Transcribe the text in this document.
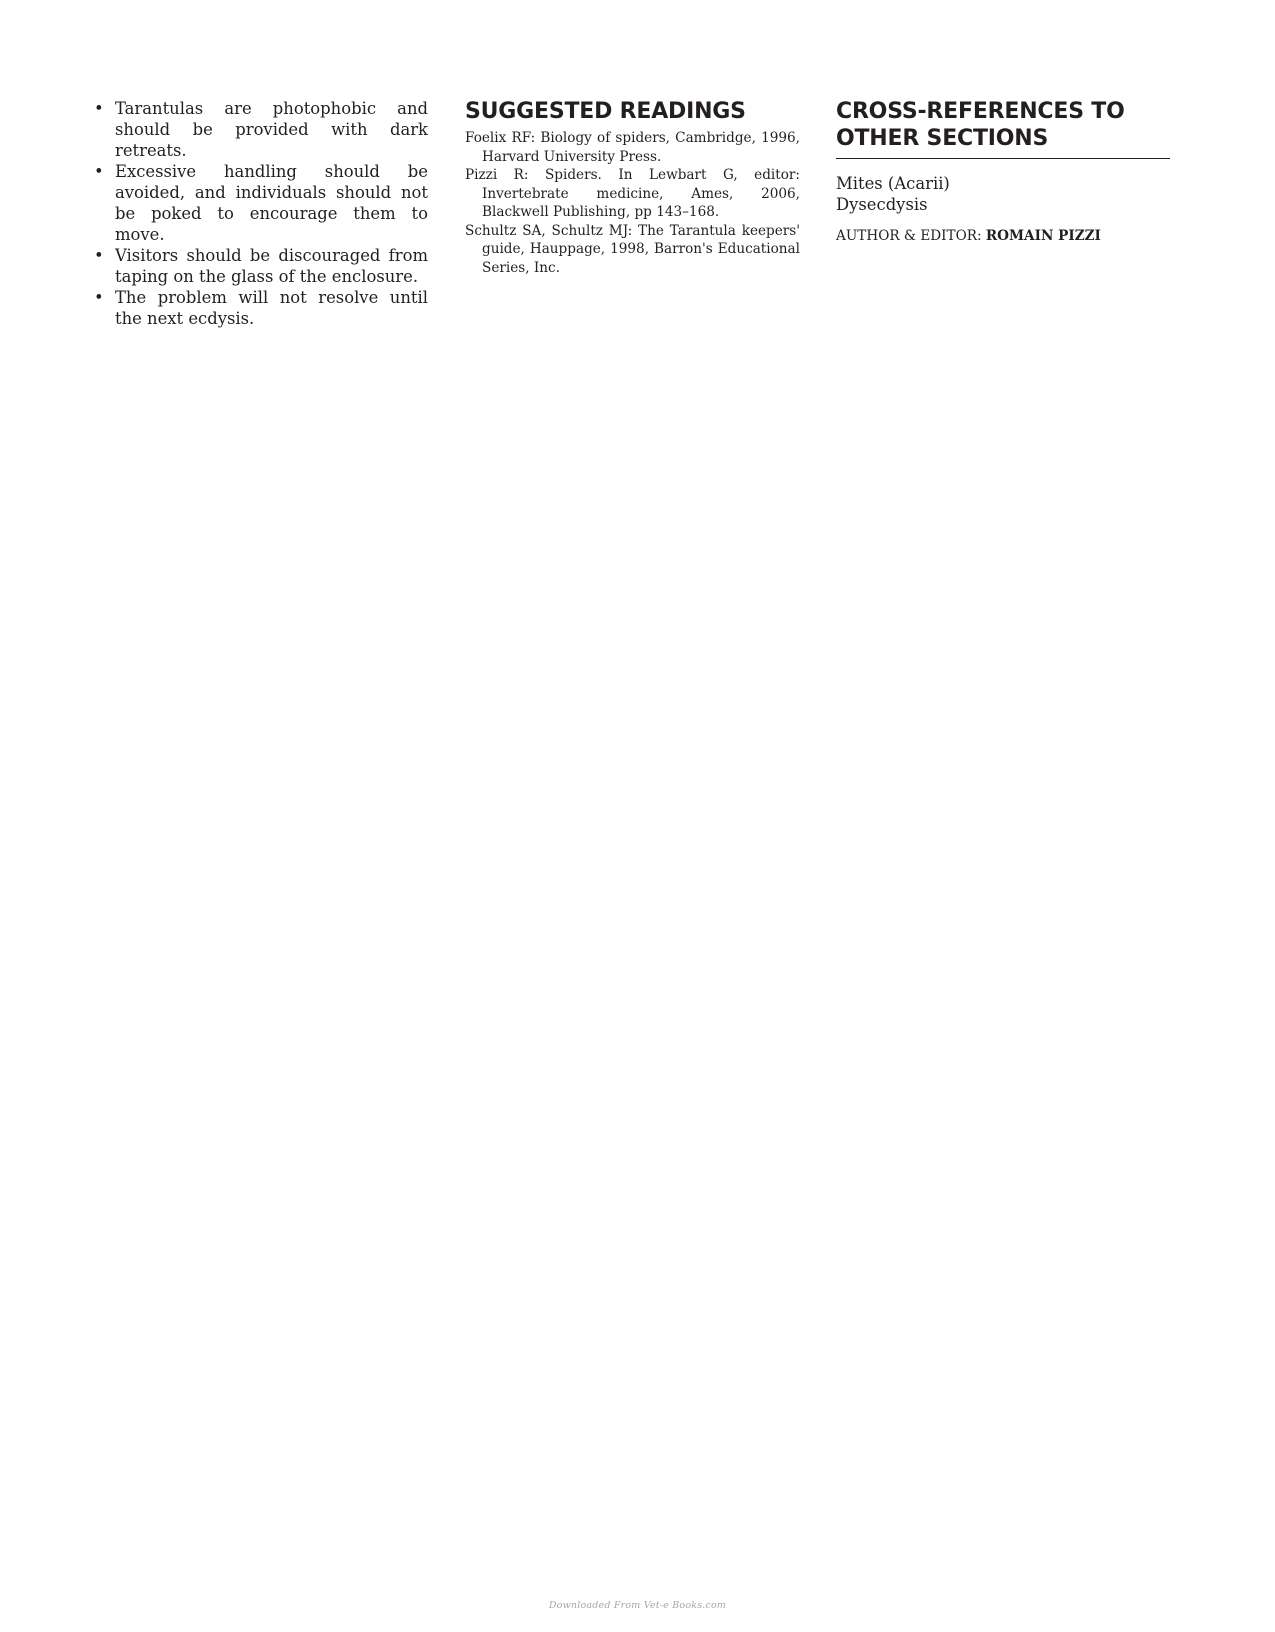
• Tarantulas are photophobic and should be provided with dark retreats.
• Excessive handling should be avoided, and individuals should not be poked to encourage them to move.
• Visitors should be discouraged from taping on the glass of the enclosure.
• The problem will not resolve until the next ecdysis.
SUGGESTED READINGS
Foelix RF: Biology of spiders, Cambridge, 1996, Harvard University Press.
Pizzi R: Spiders. In Lewbart G, editor: Invertebrate medicine, Ames, 2006, Blackwell Publishing, pp 143–168.
Schultz SA, Schultz MJ: The Tarantula keepers' guide, Hauppage, 1998, Barron's Educational Series, Inc.
CROSS-REFERENCES TO OTHER SECTIONS
Mites (Acarii)
Dysecdysis
AUTHOR & EDITOR: ROMAIN PIZZI
Downloaded From Vet-e Books.com
